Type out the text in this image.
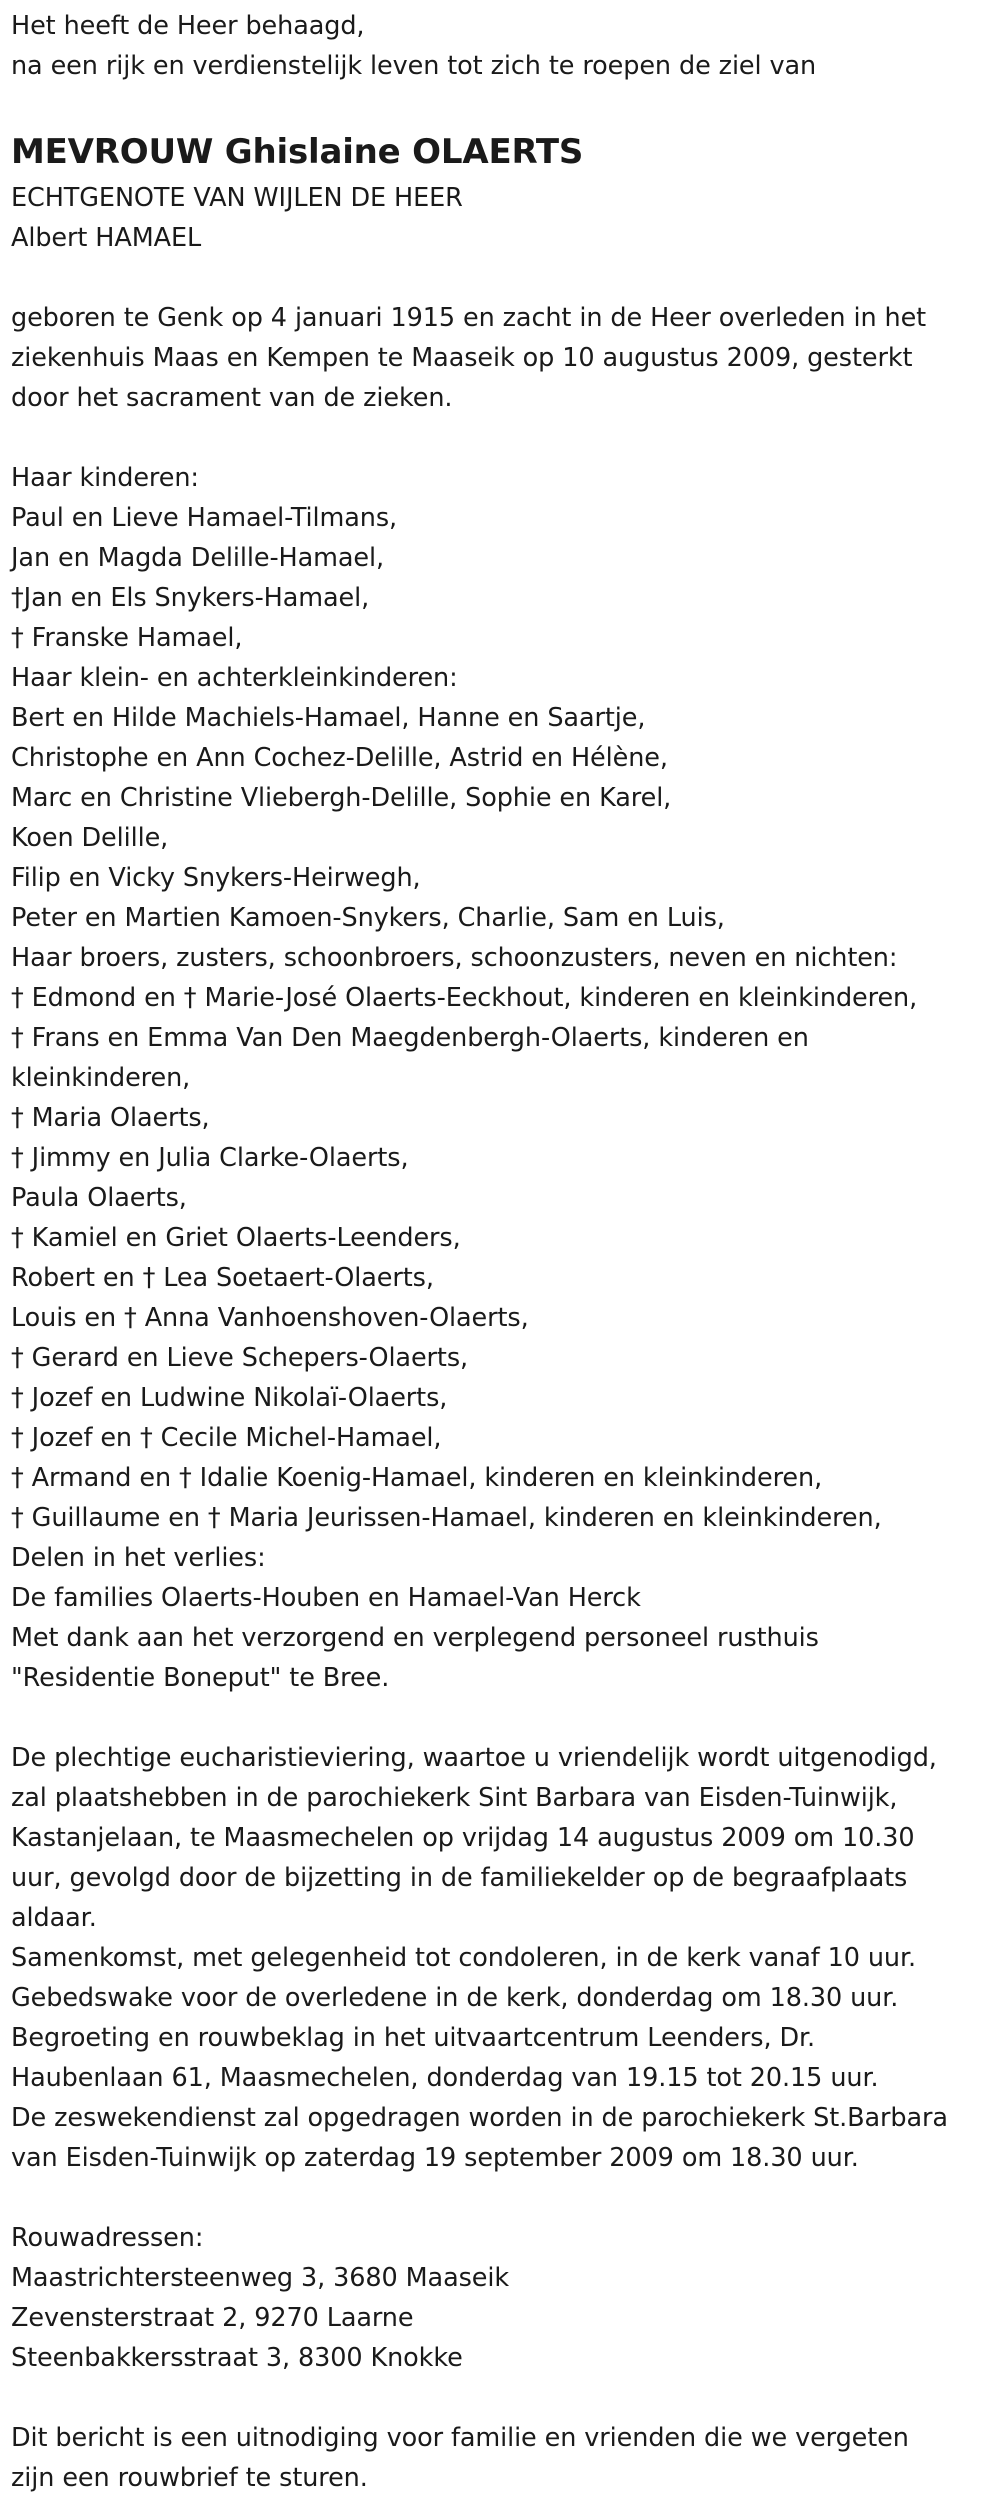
Het heeft de Heer behaagd,
na een rijk en verdienstelijk leven tot zich te roepen de ziel van
MEVROUW Ghislaine OLAERTS
ECHTGENOTE VAN WIJLEN DE HEER
Albert HAMAEL
geboren te Genk op 4 januari 1915 en zacht in de Heer overleden in het
ziekenhuis Maas en Kempen te Maaseik op 10 augustus 2009, gesterkt
door het sacrament van de zieken.
Haar kinderen:
Paul en Lieve Hamael-Tilmans,
Jan en Magda Delille-Hamael,
†Jan en Els Snykers-Hamael,
† Franske Hamael,
Haar klein- en achterkleinkinderen:
Bert en Hilde Machiels-Hamael, Hanne en Saartje,
Christophe en Ann Cochez-Delille, Astrid en Hélène,
Marc en Christine Vliebergh-Delille, Sophie en Karel,
Koen Delille,
Filip en Vicky Snykers-Heirwegh,
Peter en Martien Kamoen-Snykers, Charlie, Sam en Luis,
Haar broers, zusters, schoonbroers, schoonzusters, neven en nichten:
† Edmond en † Marie-José Olaerts-Eeckhout, kinderen en kleinkinderen,
† Frans en Emma Van Den Maegdenbergh-Olaerts, kinderen en
kleinkinderen,
† Maria Olaerts,
† Jimmy en Julia Clarke-Olaerts,
Paula Olaerts,
† Kamiel en Griet Olaerts-Leenders,
Robert en † Lea Soetaert-Olaerts,
Louis en † Anna Vanhoenshoven-Olaerts,
† Gerard en Lieve Schepers-Olaerts,
† Jozef en Ludwine Nikolaï-Olaerts,
† Jozef en † Cecile Michel-Hamael,
† Armand en † Idalie Koenig-Hamael, kinderen en kleinkinderen,
† Guillaume en † Maria Jeurissen-Hamael, kinderen en kleinkinderen,
Delen in het verlies:
De families Olaerts-Houben en Hamael-Van Herck
Met dank aan het verzorgend en verplegend personeel rusthuis
"Residentie Boneput" te Bree.
De plechtige eucharistieviering, waartoe u vriendelijk wordt uitgenodigd,
zal plaatshebben in de parochiekerk Sint Barbara van Eisden-Tuinwijk,
Kastanjelaan, te Maasmechelen op vrijdag 14 augustus 2009 om 10.30
uur, gevolgd door de bijzetting in de familiekelder op de begraafplaats
aldaar.
Samenkomst, met gelegenheid tot condoleren, in de kerk vanaf 10 uur.
Gebedswake voor de overledene in de kerk, donderdag om 18.30 uur.
Begroeting en rouwbeklag in het uitvaartcentrum Leenders, Dr.
Haubenlaan 61, Maasmechelen, donderdag van 19.15 tot 20.15 uur.
De zeswekendienst zal opgedragen worden in de parochiekerk St.Barbara
van Eisden-Tuinwijk op zaterdag 19 september 2009 om 18.30 uur.
Rouwadressen:
Maastrichtersteenweg 3, 3680 Maaseik
Zevensterstraat 2, 9270 Laarne
Steenbakkersstraat 3, 8300 Knokke
Dit bericht is een uitnodiging voor familie en vrienden die we vergeten
zijn een rouwbrief te sturen.
